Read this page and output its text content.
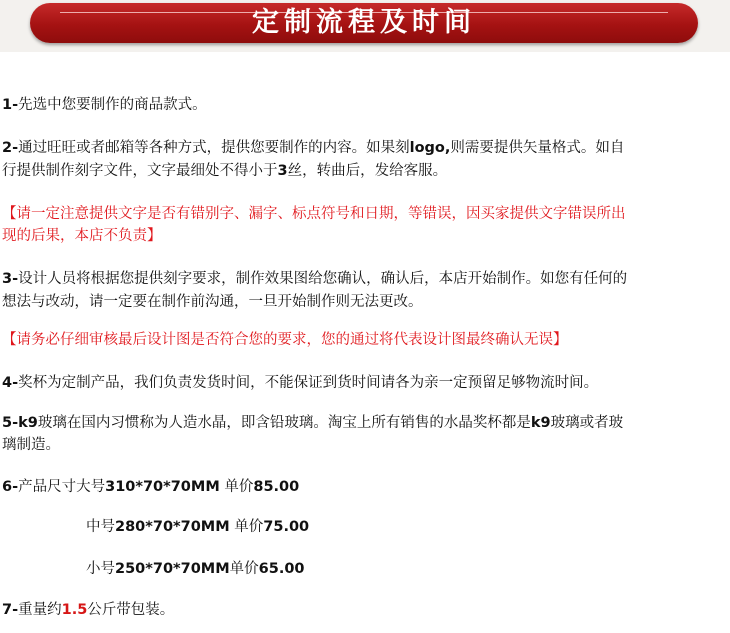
定制流程及时间
1-先选中您要制作的商品款式。
2-通过旺旺或者邮箱等各种方式，提供您要制作的内容。如果刻logo,则需要提供矢量格式。如自
行提供制作刻字文件，文字最细处不得小于3丝，转曲后，发给客服。
【请一定注意提供文字是否有错别字、漏字、标点符号和日期，等错误，因买家提供文字错误所出
现的后果，本店不负责】
3-设计人员将根据您提供刻字要求，制作效果图给您确认，确认后，本店开始制作。如您有任何的
想法与改动，请一定要在制作前沟通，一旦开始制作则无法更改。
【请务必仔细审核最后设计图是否符合您的要求，您的通过将代表设计图最终确认无误】
4-奖杯为定制产品，我们负责发货时间，不能保证到货时间请各为亲一定预留足够物流时间。
5-k9玻璃在国内习惯称为人造水晶，即含铅玻璃。淘宝上所有销售的水晶奖杯都是k9玻璃或者玻
璃制造。
6-产品尺寸大号310*70*70MM 单价85.00
中号280*70*70MM 单价75.00
小号250*70*70MM单价65.00
7-重量约1.5公斤带包装。
